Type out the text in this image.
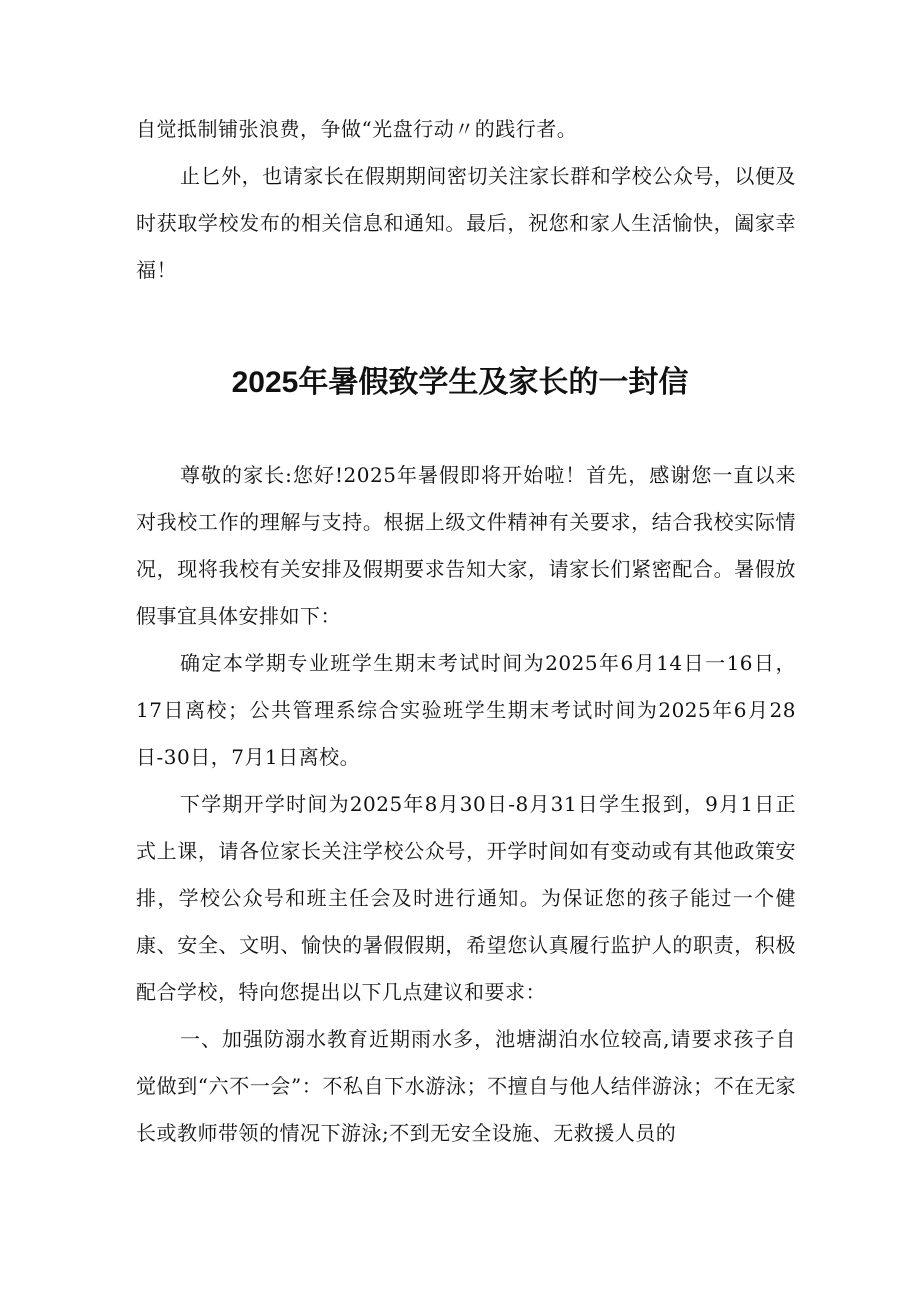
自觉抵制铺张浪费，争做“光盘行动〃的践行者。

止匕外，也请家长在假期期间密切关注家长群和学校公众号，以便及时获取学校发布的相关信息和通知。最后，祝您和家人生活愉快，阖家幸福！

2025年暑假致学生及家长的一封信

尊敬的家长:您好!2025年暑假即将开始啦！首先，感谢您一直以来对我校工作的理解与支持。根据上级文件精神有关要求，结合我校实际情况，现将我校有关安排及假期要求告知大家，请家长们紧密配合。暑假放假事宜具体安排如下：

确定本学期专业班学生期末考试时间为2025年6月14日一16日，17日离校；公共管理系综合实验班学生期末考试时间为2025年6月28日-30日，7月1日离校。

下学期开学时间为2025年8月30日-8月31日学生报到，9月1日正式上课，请各位家长关注学校公众号，开学时间如有变动或有其他政策安排，学校公众号和班主任会及时进行通知。为保证您的孩子能过一个健康、安全、文明、愉快的暑假假期，希望您认真履行监护人的职责，积极配合学校，特向您提出以下几点建议和要求：

一、加强防溺水教育近期雨水多，池塘湖泊水位较高,请要求孩子自觉做到“六不一会”：不私自下水游泳；不擅自与他人结伴游泳；不在无家长或教师带领的情况下游泳;不到无安全设施、无救援人员的
